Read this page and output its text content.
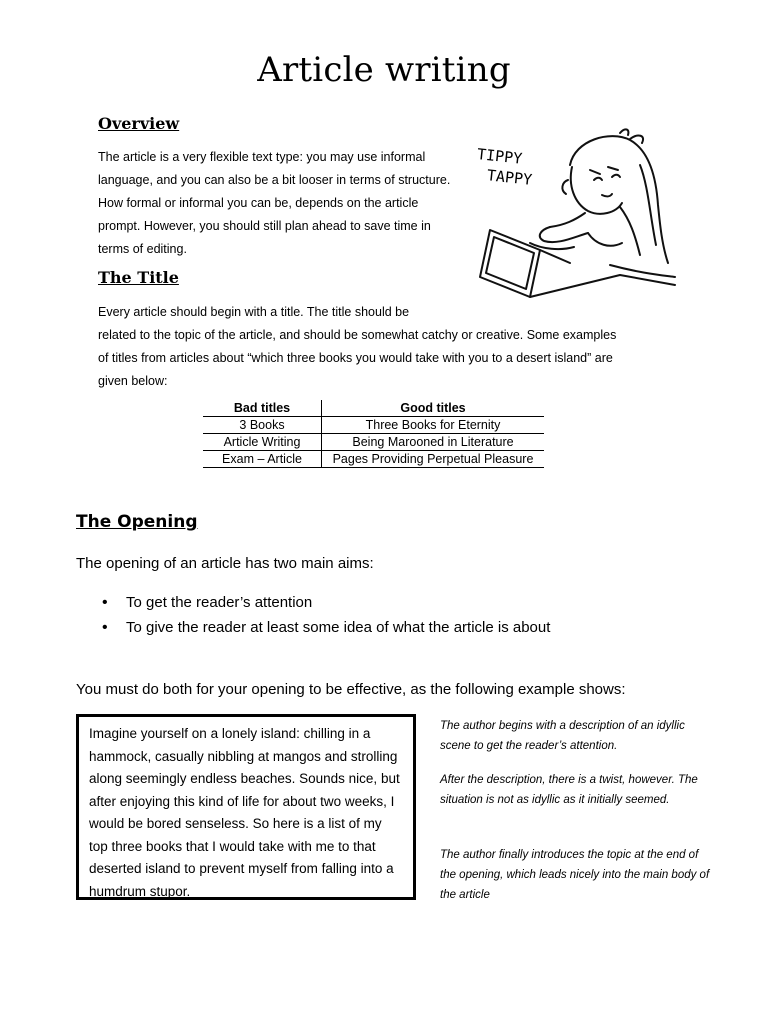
Article writing
Overview

The article is a very flexible text type: you may use informal language, and you can also be a bit looser in terms of structure. How formal or informal you can be, depends on the article prompt. However, you should still plan ahead to save time in terms of editing.

TIPPY
TAPPY
The Title

Every article should begin with a title. The title should be

related to the topic of the article, and should be somewhat catchy or creative. Some examples of titles from articles about “which three books you would take with you to a desert island” are given below:

Bad titles	Good titles
3 Books	Three Books for Eternity
Article Writing	Being Marooned in Literature
Exam – Article	Pages Providing Perpetual Pleasure
The Opening

The opening of an article has two main aims:

• To get the reader’s attention
• To give the reader at least some idea of what the article is about

You must do both for your opening to be effective, as the following example shows:

Imagine yourself on a lonely island: chilling in a hammock, casually nibbling at mangos and strolling along seemingly endless beaches. Sounds nice, but after enjoying this kind of life for about two weeks, I would be bored senseless. So here is a list of my top three books that I would take with me to that deserted island to prevent myself from falling into a humdrum stupor.

The author begins with a description of an idyllic scene to get the reader’s attention.

After the description, there is a twist, however. The situation is not as idyllic as it initially seemed.

The author finally introduces the topic at the end of the opening, which leads nicely into the main body of the article
